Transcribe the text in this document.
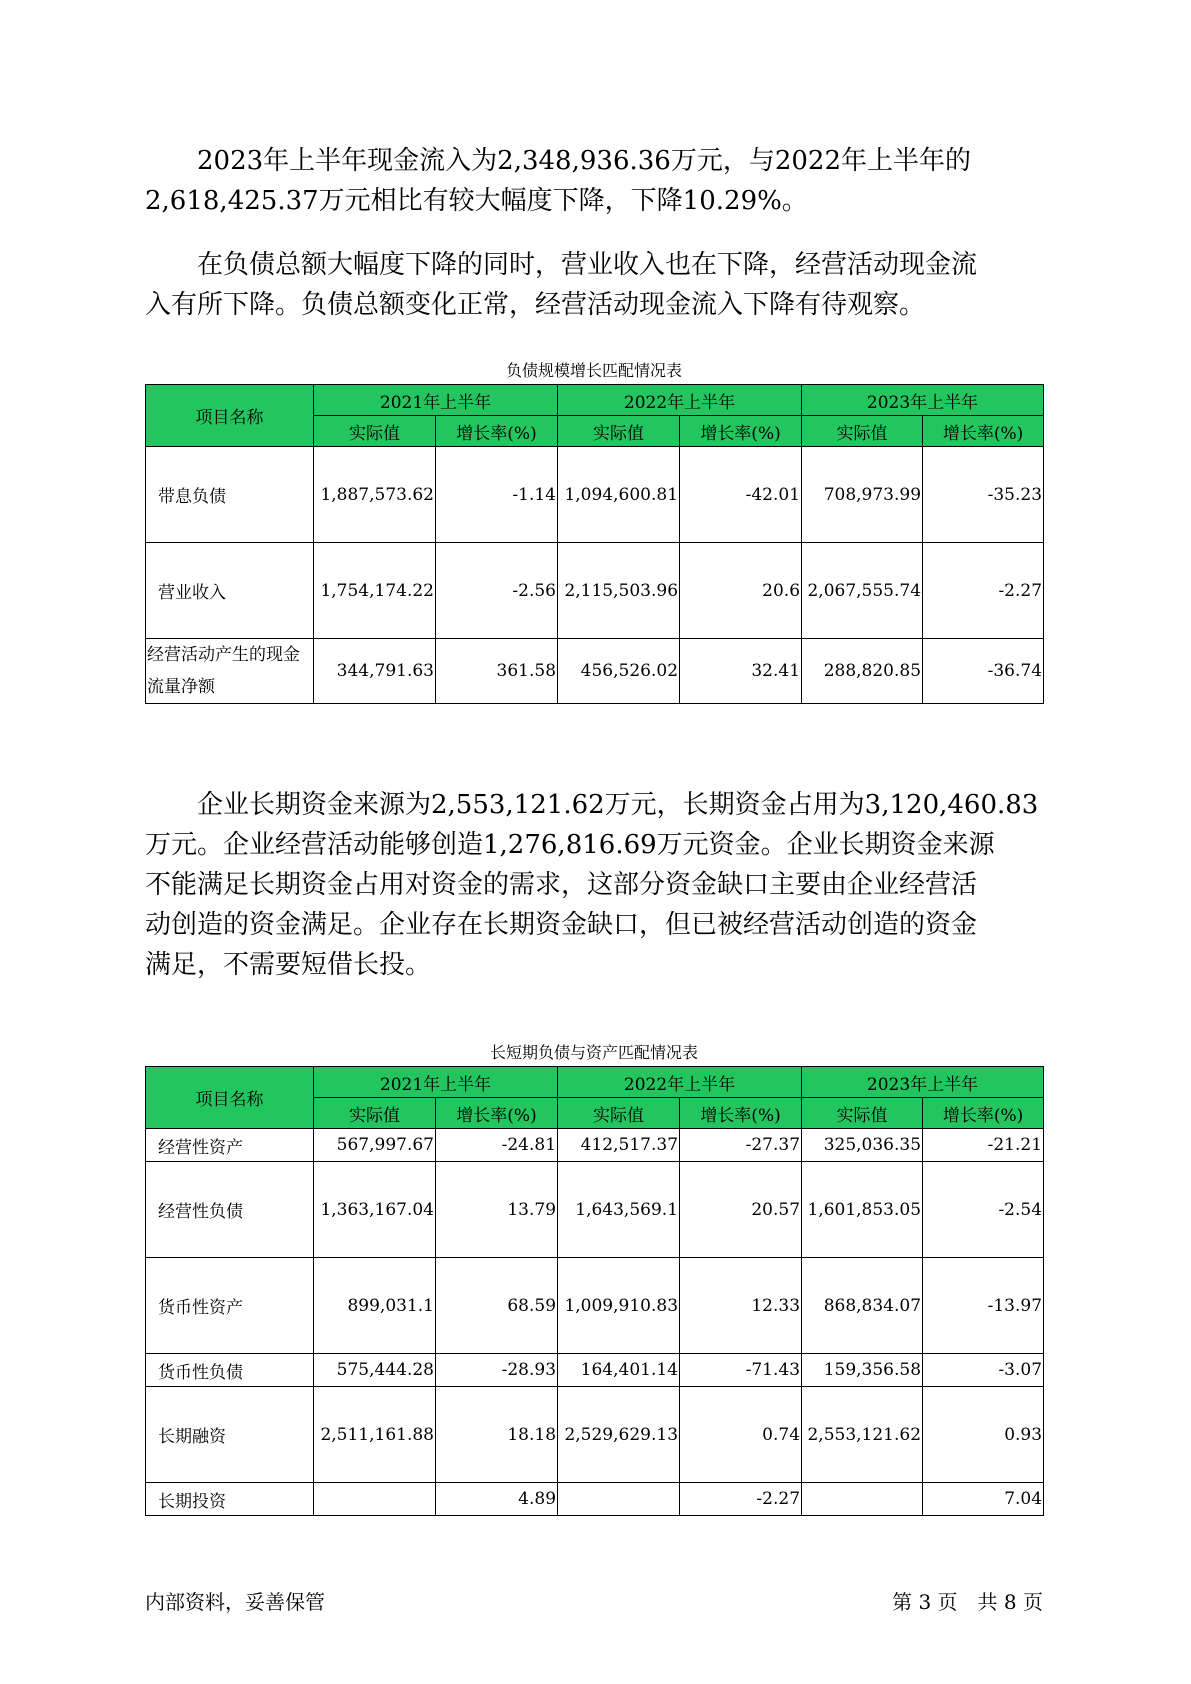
2023年上半年现金流入为2,348,936.36万元，与2022年上半年的
2,618,425.37万元相比有较大幅度下降，下降10.29%。

在负债总额大幅度下降的同时，营业收入也在下降，经营活动现金流
入有所下降。负债总额变化正常，经营活动现金流入下降有待观察。

负债规模增长匹配情况表
项目名称	2021年上半年		2022年上半年		2023年上半年	
	实际值	增长率(%)	实际值	增长率(%)	实际值	增长率(%)
带息负债	1,887,573.62	-1.14	1,094,600.81	-42.01	708,973.99	-35.23
营业收入	1,754,174.22	-2.56	2,115,503.96	20.6	2,067,555.74	-2.27
经营活动产生的现金流量净额	344,791.63	361.58	456,526.02	32.41	288,820.85	-36.74

企业长期资金来源为2,553,121.62万元，长期资金占用为3,120,460.83
万元。企业经营活动能够创造1,276,816.69万元资金。企业长期资金来源
不能满足长期资金占用对资金的需求，这部分资金缺口主要由企业经营活
动创造的资金满足。企业存在长期资金缺口，但已被经营活动创造的资金
满足，不需要短借长投。

长短期负债与资产匹配情况表
项目名称	2021年上半年		2022年上半年		2023年上半年	
	实际值	增长率(%)	实际值	增长率(%)	实际值	增长率(%)
经营性资产	567,997.67	-24.81	412,517.37	-27.37	325,036.35	-21.21
经营性负债	1,363,167.04	13.79	1,643,569.1	20.57	1,601,853.05	-2.54
货币性资产	899,031.1	68.59	1,009,910.83	12.33	868,834.07	-13.97
货币性负债	575,444.28	-28.93	164,401.14	-71.43	159,356.58	-3.07
长期融资	2,511,161.88	18.18	2,529,629.13	0.74	2,553,121.62	0.93
长期投资		4.89		-2.27		7.04
内部资料，妥善保管	第 3 页　共 8 页
